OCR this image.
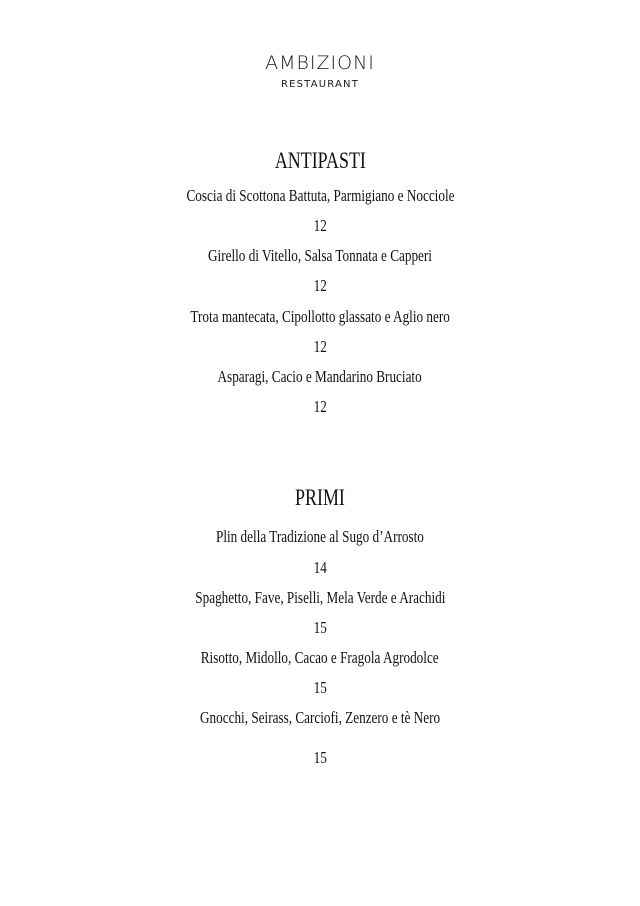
AMBIZIONI
RESTAURANT
ANTIPASTI
Coscia di Scottona Battuta, Parmigiano e Nocciole
12
Girello di Vitello, Salsa Tonnata e Capperi
12
Trota mantecata, Cipollotto glassato e Aglio nero
12
Asparagi, Cacio e Mandarino Bruciato
12
PRIMI
Plin della Tradizione al Sugo d’Arrosto
14
Spaghetto, Fave, Piselli, Mela Verde e Arachidi
15
Risotto, Midollo, Cacao e Fragola Agrodolce
15
Gnocchi, Seirass, Carciofi, Zenzero e tè Nero
15
